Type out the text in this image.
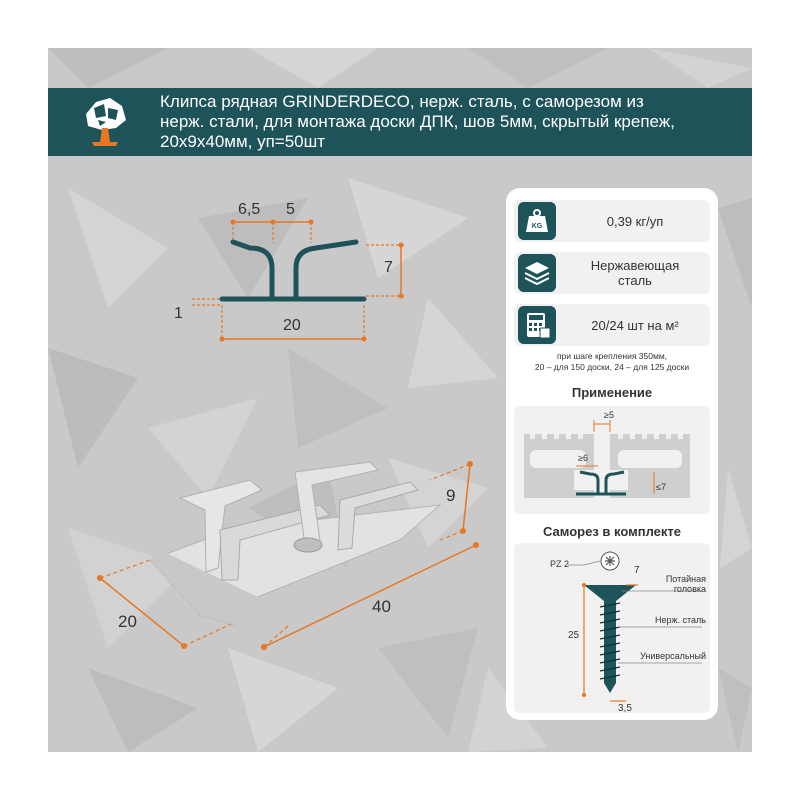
Клипса рядная GRINDERDECO, нерж. сталь, с саморезом из
нерж. стали, для монтажа доски ДПК, шов 5мм, скрытый крепеж,
20х9х40мм, уп=50шт
6,5 5
7
1
20
9
40
20
KG	0,39 кг/уп
Нержавеющая
сталь
20/24 шт на м²
при шаге крепления 350мм,
20 – для 150 доски, 24 – для 125 доски
Применение
≥5
≥6
≤7
Саморез в комплекте
PZ 2
7
Потайная
головка
Нерж. сталь
25
Универсальный
3,5
